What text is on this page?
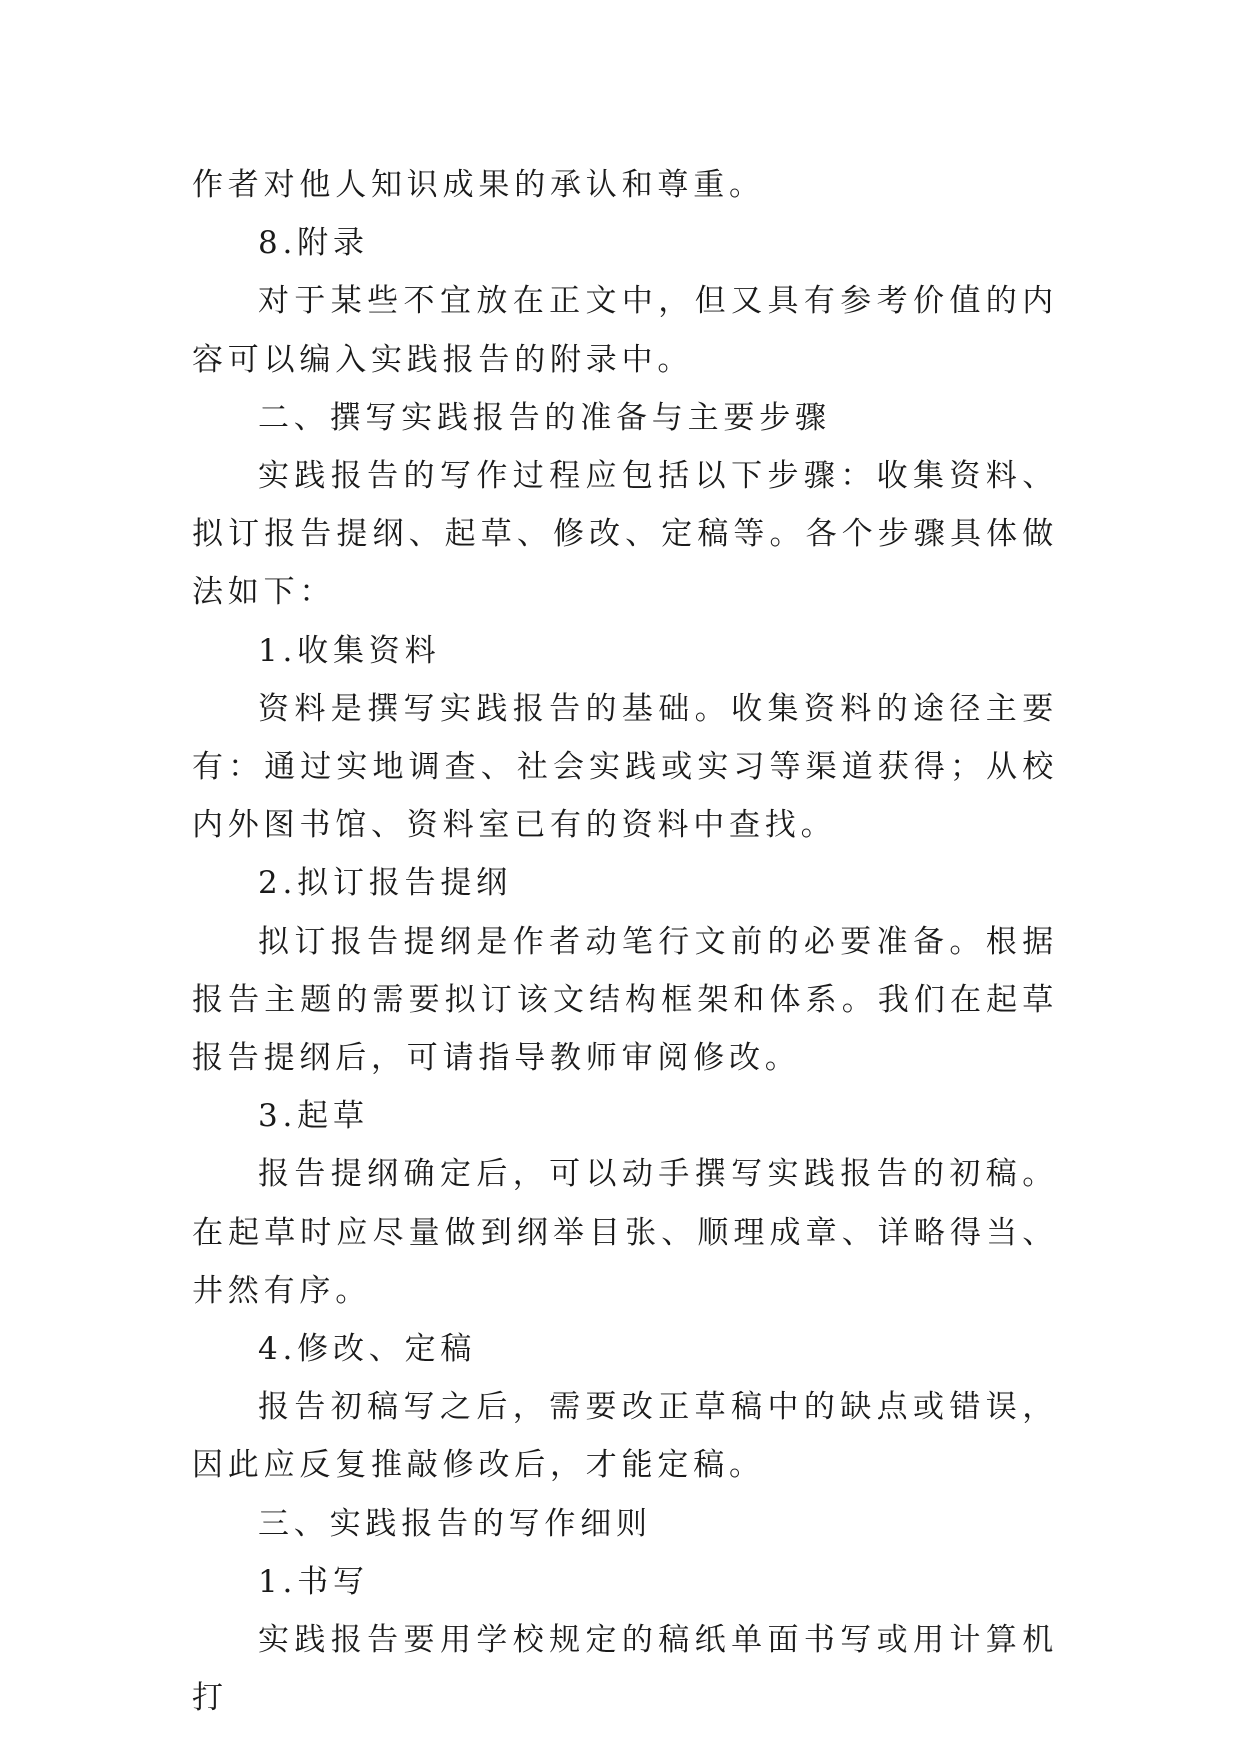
作者对他人知识成果的承认和尊重。

8.附录

对于某些不宜放在正文中，但又具有参考价值的内容可以编入实践报告的附录中。

二、撰写实践报告的准备与主要步骤

实践报告的写作过程应包括以下步骤：收集资料、拟订报告提纲、起草、修改、定稿等。各个步骤具体做法如下：

1.收集资料

资料是撰写实践报告的基础。收集资料的途径主要有：通过实地调查、社会实践或实习等渠道获得；从校内外图书馆、资料室已有的资料中查找。

2.拟订报告提纲

拟订报告提纲是作者动笔行文前的必要准备。根据报告主题的需要拟订该文结构框架和体系。我们在起草报告提纲后，可请指导教师审阅修改。

3.起草

报告提纲确定后，可以动手撰写实践报告的初稿。在起草时应尽量做到纲举目张、顺理成章、详略得当、井然有序。

4.修改、定稿

报告初稿写之后，需要改正草稿中的缺点或错误，因此应反复推敲修改后，才能定稿。

三、实践报告的写作细则

1.书写

实践报告要用学校规定的稿纸单面书写或用计算机打
